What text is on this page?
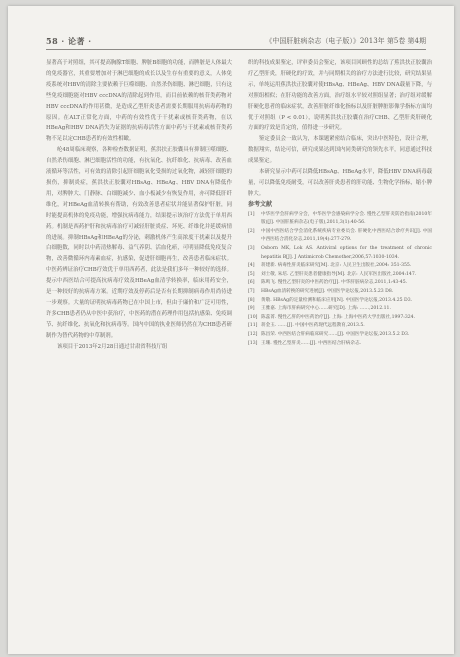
58 · 论著 ·	《中国肝脏病杂志（电子版）》2013年 第5卷 第4期

显著高于对照组，其可提高胸腺T细胞、脾脏B细胞的功能，而脾脏是人体最大的免疫器官，其重要增加对于淋巴细胞的成长以及生存有重要的意义，人体免疫系统对HBV的清除主要依赖于巨噬细胞、自然杀伤细胞、淋巴细胞，只有这些免疫细胞能对HBV cccDNA的清除起到作用，而目前依赖的核苷类药物对HBV cccDNA的作用甚微，是造成乙型肝炎患者需要长期服用抗病毒药物的原因。在ALT正常化方面，中药的有效性优于干扰素或核苷类药物，在以HBeAg和HBV DNA消失为证据的抗病毒活性方面中药与干扰素或核苷类药物不足以定CHB患者的有效性相瞰。

纶48周临床观察，各种检查数据证明，蕉洪扶正胶囊具有抑制巨噬细胞、自然杀伤细胞、淋巴细胞活性的功能，有抗氧化、抗纤维化、抗病毒、改善血液循环等活性，可有效的清除引起肝细胞氧化受损的过氧化物，减轻肝细胞的损伤，抑制炎症，蕉洪扶正胶囊对HBsAg、HBeAg、HBV DNA有降低作用，对脾肿大、门静脉、白细胞减少、血小板减少有恢复作用，亦可降低肝纤维化，对HBeAg血清转换有帮助，有效改善患者症状并能显著保护肝脏，同时能提高机体的免疫功能，增强抗病毒能力，结果提示该治疗方法优于单用西药。机制是西药护肝和抗病毒治疗可减轻肝脏炎症、坏死、纤维化并延缓病情的进展。抑制HBsAg和HBeAg的分泌，刺激机体产生高浓度干扰素以及提升白细胞数，同时以中药清热解毒、益气养阴、活血化瘀，可明显降低免疫复合物，改善微循环内毒素血症，抗感染，促进肝细胞再生，改善患者临床症状。中医药辨证治疗CHB疗效优于单用西药者，此法是我们多年一种较好的选择。提示中西医结合可提高抗病毒疗效及HBeAg血清学转换率，临床用药安全，是一种较好的抗病毒方案。近期疗效及停药后是否有长期抑制病毒作用尚待进一步观察。大量的证明抗病毒药物已在中国上市，但由于廉价和广泛可用性，许多CHB患者仍从中医中获治疗，中医药的潜在药理作用包括抗感染、免疫调节、抗纤维化、抗氧化和抗病毒等。国内中国的执业医师仍然在为CHB患者研制作为替代药物的中草制剂。

该项目于2013年2月28日通过甘肃省科技厅组

织的科技成果鉴定，评审委员会鉴定，该项目回顾性的总结了蕉洪扶正胶囊治疗乙型肝炎，肝硬化的疗效，并与同期相关的治疗方法进行比较，研究结果显示，单纯运用蕉洪扶正胶囊对使HBsAg、HBeAg、HBV DNA载量下降，与对照组相似；在肝功能的改善方面，治疗组水平较对照组显著；治疗组对缓解肝硬化患者的临床症状，改善肝脏纤维化指标以及肝脏脾脏影像学指标方面均优于对照组（P < 0.01），说明蕉洪扶正胶囊在治疗CHB、乙型肝炎肝硬化方面的疗效是肯定的，值得进一步研究。

鉴定委员会一致认为，本课题紧密结合临床，突出中医特色，设计合理，数据翔实，结论可信，研究成果达到国内同类研究的领先水平，同意通过科技成果鉴定。

本研究显示中药可以降低HBsAg、HBeAg水平，降低HBV DNA病毒载量，可以降低免疫耐受，可以改善肝炎患者的肝功能、生物化学指标，缩小脾肿大。

参考文献

[1] 中华医学会肝病学分会，中华医学会感染病学分会. 慢性乙型肝炎防治指南(2010年版)[J]. 中国肝脏病杂志(电子版),2011,3(1):40-56.
[2] 中国中西医结合学会消化系统疾病专业委员会. 肝硬化中西医结合诊疗共识[J]. 中国中西医结合消化杂志,2011,19(4):277-279.
[3] Osborn MK, Lok AS. Antiviral options for the treatment of chronic hepatitis B[J]. J Antimicrob Chemother,2006,57:1030-1034.
[4] 蒋建新. 病毒性肝炎临床研究[M]. 北京: 人民卫生出版社,2004: 351-355.
[5] 刘士敬, 朱培. 乙型肝炎患者健康指导[M]. 北京: 人民军医出版社,2004:147.
[6] 陈鸣飞. 慢性乙型肝炎的中医药治疗[J]. 中华肝脏病杂志,2011,1:43-45.
[7] HBsAg血清转换的研究进展[J]. 中国医学论坛报,2013.5.23 D8.
[8] 黄敬. HBsAg的定量检测和临床应用[N]. 中国医学论坛报,2013.4.25 D3.
[9] 王雅嘉. 上海市肝病研究中心……研究[D]. 上海: ……,2012.11.
[10] 陈蕊菁. 慢性乙肝的中医药治疗[J]. 上海: 上海中医药大学出版社,1997:324.
[11] 蒋金玉. ……[J]. 中国中医药现代远程教育,2013.5.
[12] 陈昌荣. 中西医结合肝病临床研究……[J]. 中国医学论坛报,2013.5.2 D3.
[13] 王珊. 慢性乙型肝炎……[J]. 中西医结合肝病杂志.
